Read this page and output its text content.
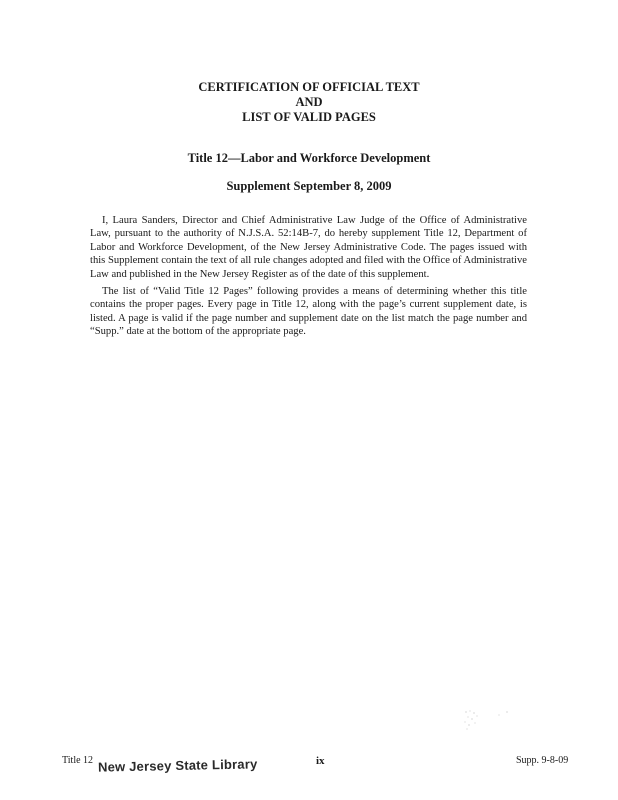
CERTIFICATION OF OFFICIAL TEXT

AND

LIST OF VALID PAGES

Title 12—Labor and Workforce Development

Supplement September 8, 2009

I, Laura Sanders, Director and Chief Administrative Law Judge of the Office of Administrative Law, pursuant to the authority of N.J.S.A. 52:14B-7, do hereby supplement Title 12, Department of Labor and Workforce Development, of the New Jersey Administrative Code. The pages issued with this Supplement contain the text of all rule changes adopted and filed with the Office of Administrative Law and published in the New Jersey Register as of the date of this supplement.

The list of “Valid Title 12 Pages” following provides a means of determining whether this title contains the proper pages. Every page in Title 12, along with the page’s current supplement date, is listed. A page is valid if the page number and supplement date on the list match the page number and “Supp.” date at the bottom of the appropriate page.

Title 12 New Jersey State Library	ix	Supp. 9-8-09
